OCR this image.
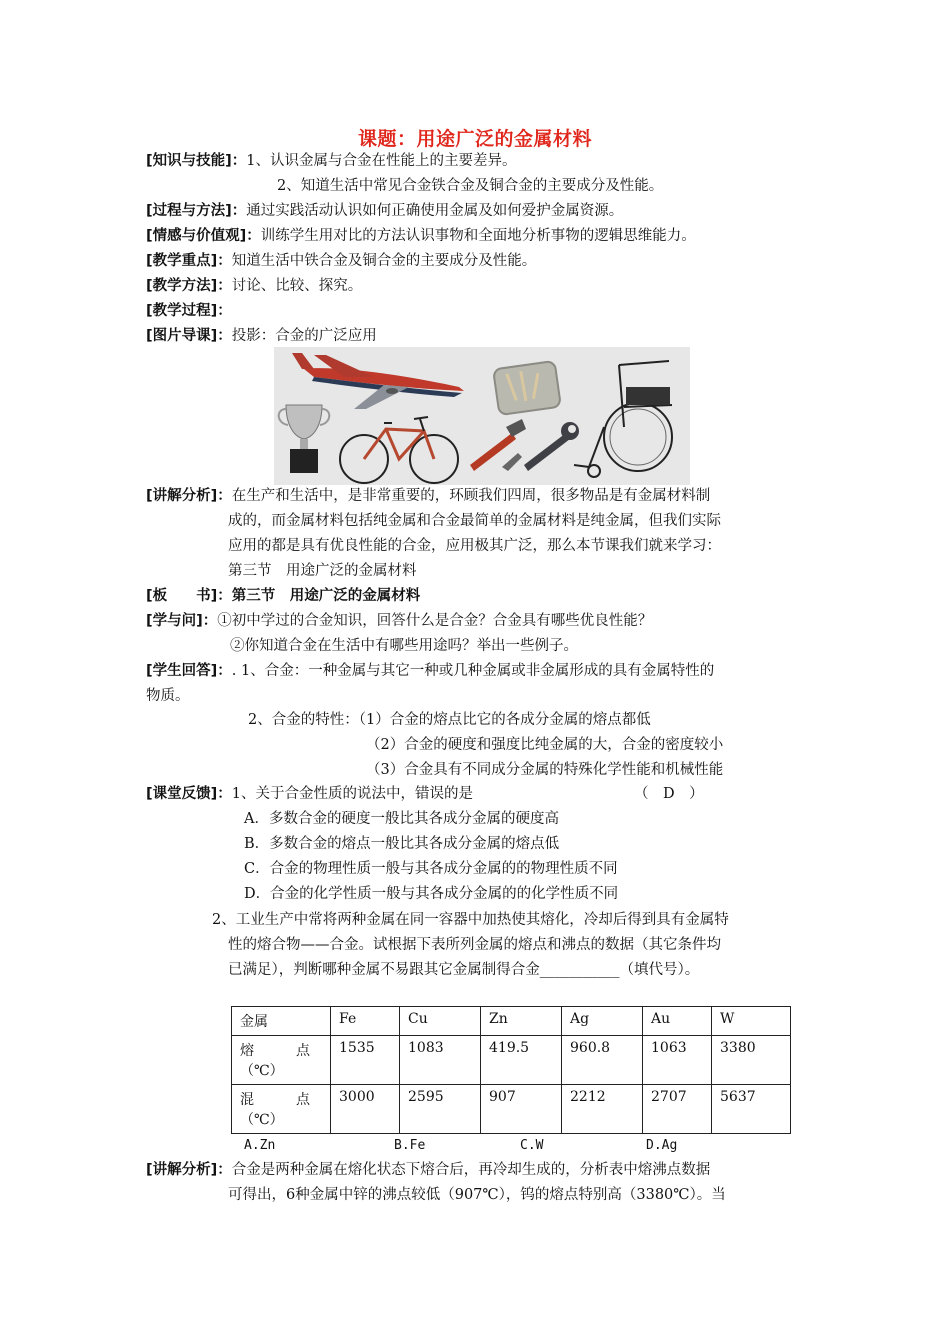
课题：用途广泛的金属材料
[知识与技能]：1、认识金属与合金在性能上的主要差异。
2、知道生活中常见合金铁合金及铜合金的主要成分及性能。
[过程与方法]：通过实践活动认识如何正确使用金属及如何爱护金属资源。
[情感与价值观]：训练学生用对比的方法认识事物和全面地分析事物的逻辑思维能力。
[教学重点]：知道生活中铁合金及铜合金的主要成分及性能。
[教学方法]：讨论、比较、探究。
[教学过程]：
[图片导课]：投影：合金的广泛应用
[讲解分析]：在生产和生活中，是非常重要的，环顾我们四周，很多物品是有金属材料制
成的，而金属材料包括纯金属和合金最简单的金属材料是纯金属，但我们实际
应用的都是具有优良性能的合金，应用极其广泛，那么本节课我们就来学习：
第三节　用途广泛的金属材料
[板　　书]：第三节　用途广泛的金属材料
[学与问]：①初中学过的合金知识，回答什么是合金？合金具有哪些优良性能？
②你知道合金在生活中有哪些用途吗？举出一些例子。
[学生回答]：. 1、合金：一种金属与其它一种或几种金属或非金属形成的具有金属特性的
物质。
2、合金的特性：（1）合金的熔点比它的各成分金属的熔点都低
（2）合金的硬度和强度比纯金属的大，合金的密度较小
（3）合金具有不同成分金属的特殊化学性能和机械性能
[课堂反馈]：1、关于合金性质的说法中，错误的是	（　D　）
A．多数合金的硬度一般比其各成分金属的硬度高
B．多数合金的熔点一般比其各成分金属的熔点低
C．合金的物理性质一般与其各成分金属的的物理性质不同
D．合金的化学性质一般与其各成分金属的的化学性质不同
2、工业生产中常将两种金属在同一容器中加热使其熔化，冷却后得到具有金属特
性的熔合物——合金。试根据下表所列金属的熔点和沸点的数据（其它条件均
已满足），判断哪种金属不易跟其它金属制得合金___________（填代号）。
金属	Fe	Cu	Zn	Ag	Au	W

熔　　　点
（℃）	1535	1083	419.5	960.8	1063	3380

混　　　点
（℃）	3000	2595	907	2212	2707	5637
A.Zn	B.Fe	C.W	D.Ag
[讲解分析]：合金是两种金属在熔化状态下熔合后，再冷却生成的，分析表中熔沸点数据
可得出，6种金属中锌的沸点较低（907℃），钨的熔点特别高（3380℃）。当
